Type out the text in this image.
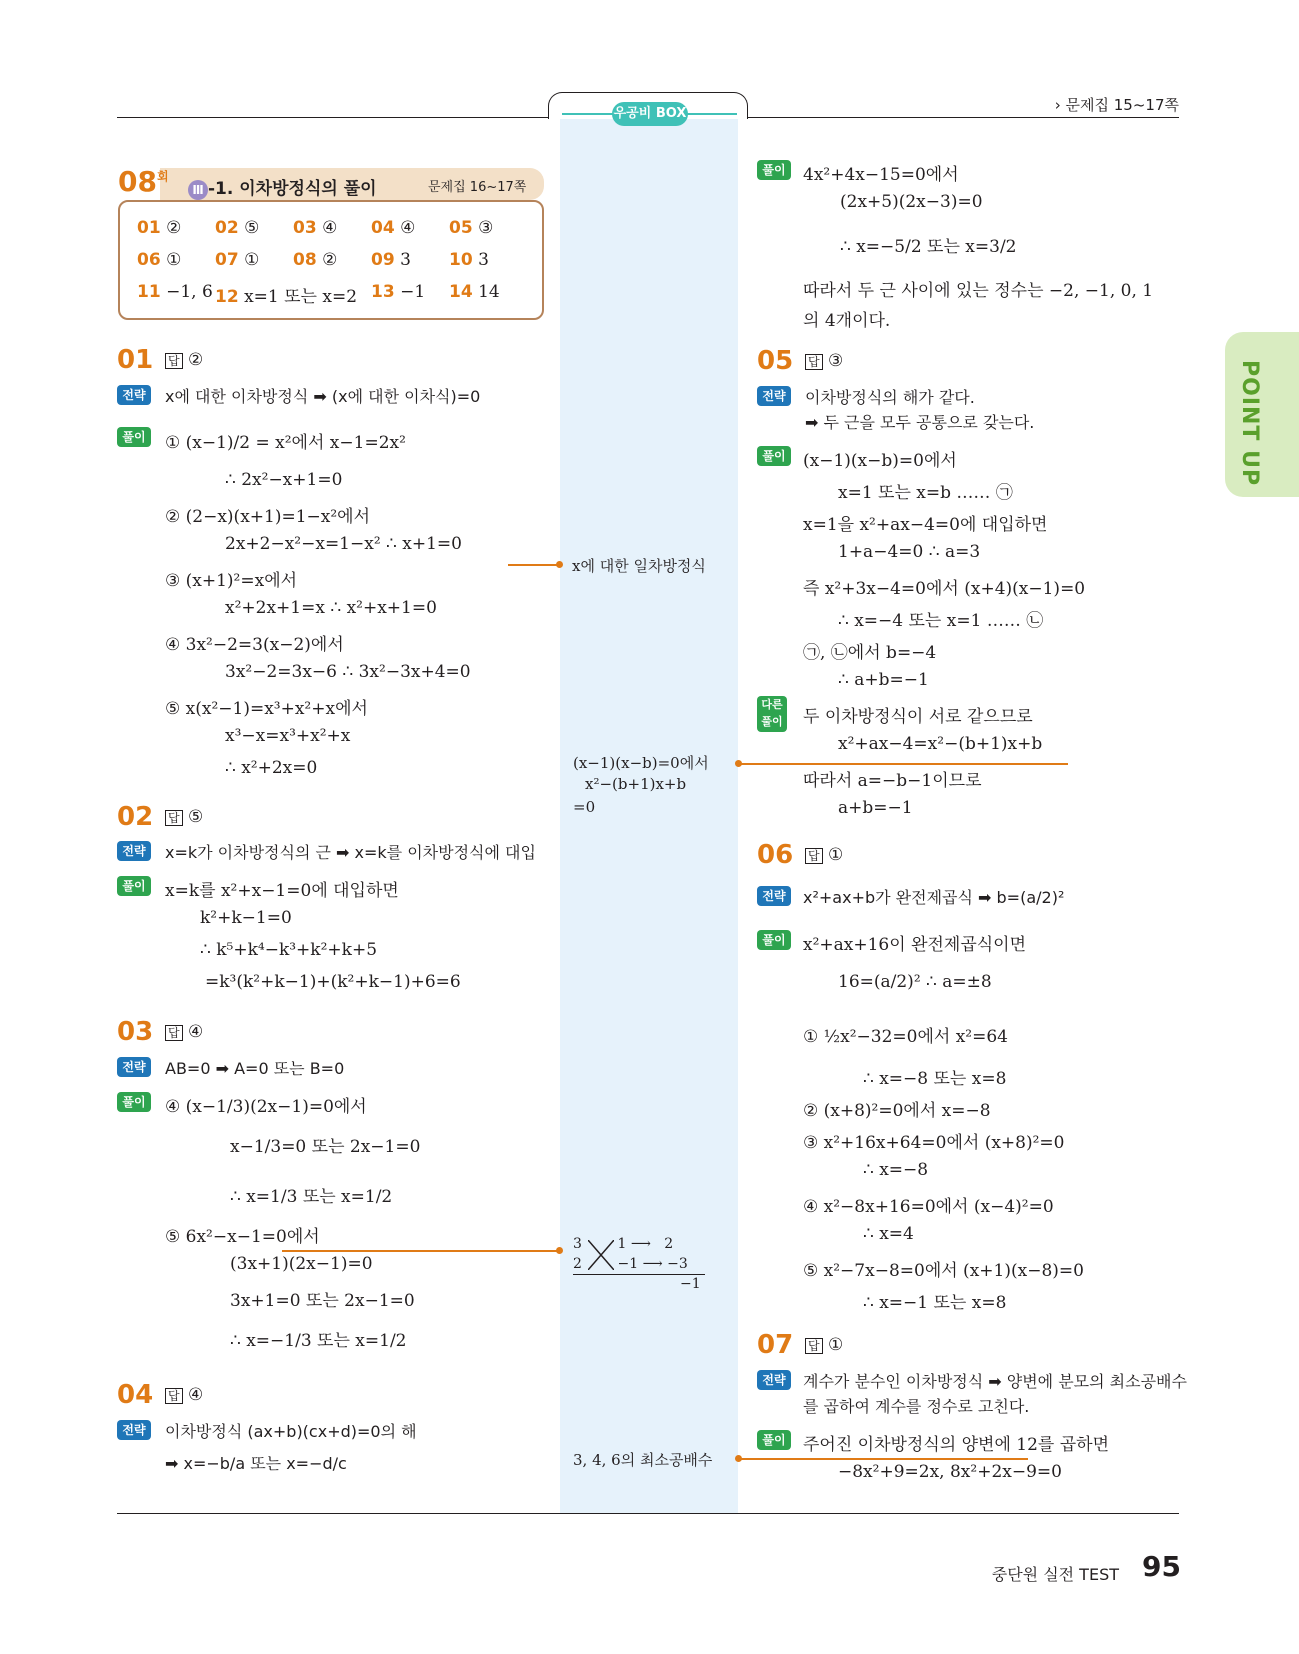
우공비 BOX	› 문제집 15~17쪽
$08^회$
Ⅲ -1. 이차방정식의 풀이	문제집 16~17쪽
01 ② 02 ⑤ 03 ④ 04 ④ 05 ③
06 ① 07 ① 08 ② 09 3 10 3
11 −1, 6 12 x=1 또는 x=2 13 −1 14 14
01 답 ②
전략	x에 대한 이차방정식 ➡ (x에 대한 이차식)=0
풀이	① (x−1)/2 = x²에서 x−1=2x²
∴ 2x²−x+1=0
② (2−x)(x+1)=1−x²에서
2x+2−x²−x=1−x² ∴ x+1=0
③ (x+1)²=x에서
x²+2x+1=x ∴ x²+x+1=0
④ 3x²−2=3(x−2)에서
3x²−2=3x−6 ∴ 3x²−3x+4=0
⑤ x(x²−1)=x³+x²+x에서
x³−x=x³+x²+x
∴ x²+2x=0
x에 대한 일차방정식
02 답 ⑤
전략	x=k가 이차방정식의 근 ➡ x=k를 이차방정식에 대입
풀이	x=k를 x²+x−1=0에 대입하면
k²+k−1=0
∴ k⁵+k⁴−k³+k²+k+5
=k³(k²+k−1)+(k²+k−1)+6=6
03 답 ④
전략	AB=0 ➡ A=0 또는 B=0
풀이	④ (x−1/3)(2x−1)=0에서
x−1/3=0 또는 2x−1=0
∴ x=1/3 또는 x=1/2
⑤ 6x²−x−1=0에서
(3x+1)(2x−1)=0
3x+1=0 또는 2x−1=0
∴ x=−1/3 또는 x=1/2
3        1 ⟶   2
2        −1 ⟶ −3
−1
04 답 ④
전략	이차방정식 (ax+b)(cx+d)=0의 해
➡ x=−b/a 또는 x=−d/c	3, 4, 6의 최소공배수
풀이	4x²+4x−15=0에서
(2x+5)(2x−3)=0
∴ x=−5/2 또는 x=3/2
따라서 두 근 사이에 있는 정수는 −2, −1, 0, 1
의 4개이다.
05 답 ③
전략	이차방정식의 해가 같다.
➡ 두 근을 모두 공통으로 갖는다.
풀이	(x−1)(x−b)=0에서
x=1 또는 x=b …… ㉠
x=1을 x²+ax−4=0에 대입하면
1+a−4=0 ∴ a=3
즉 x²+3x−4=0에서 (x+4)(x−1)=0
∴ x=−4 또는 x=1 …… ㉡
㉠, ㉡에서 b=−4
∴ a+b=−1
다른
풀이 두 이차방정식이 서로 같으므로
x²+ax−4=x²−(b+1)x+b
따라서 a=−b−1이므로
a+b=−1
(x−1)(x−b)=0에서
x²−(b+1)x+b
=0
06 답 ①
전략	x²+ax+b가 완전제곱식 ➡ b=(a/2)²
풀이	x²+ax+16이 완전제곱식이면
16=(a/2)² ∴ a=±8
① ½x²−32=0에서 x²=64
∴ x=−8 또는 x=8
② (x+8)²=0에서 x=−8
③ x²+16x+64=0에서 (x+8)²=0
∴ x=−8
④ x²−8x+16=0에서 (x−4)²=0
∴ x=4
⑤ x²−7x−8=0에서 (x+1)(x−8)=0
∴ x=−1 또는 x=8
07 답 ①
전략	계수가 분수인 이차방정식 ➡ 양변에 분모의 최소공배수
를 곱하여 계수를 정수로 고친다.
풀이	주어진 이차방정식의 양변에 12를 곱하면
−8x²+9=2x, 8x²+2x−9=0
POINT UP
중단원 실전 TEST 95
